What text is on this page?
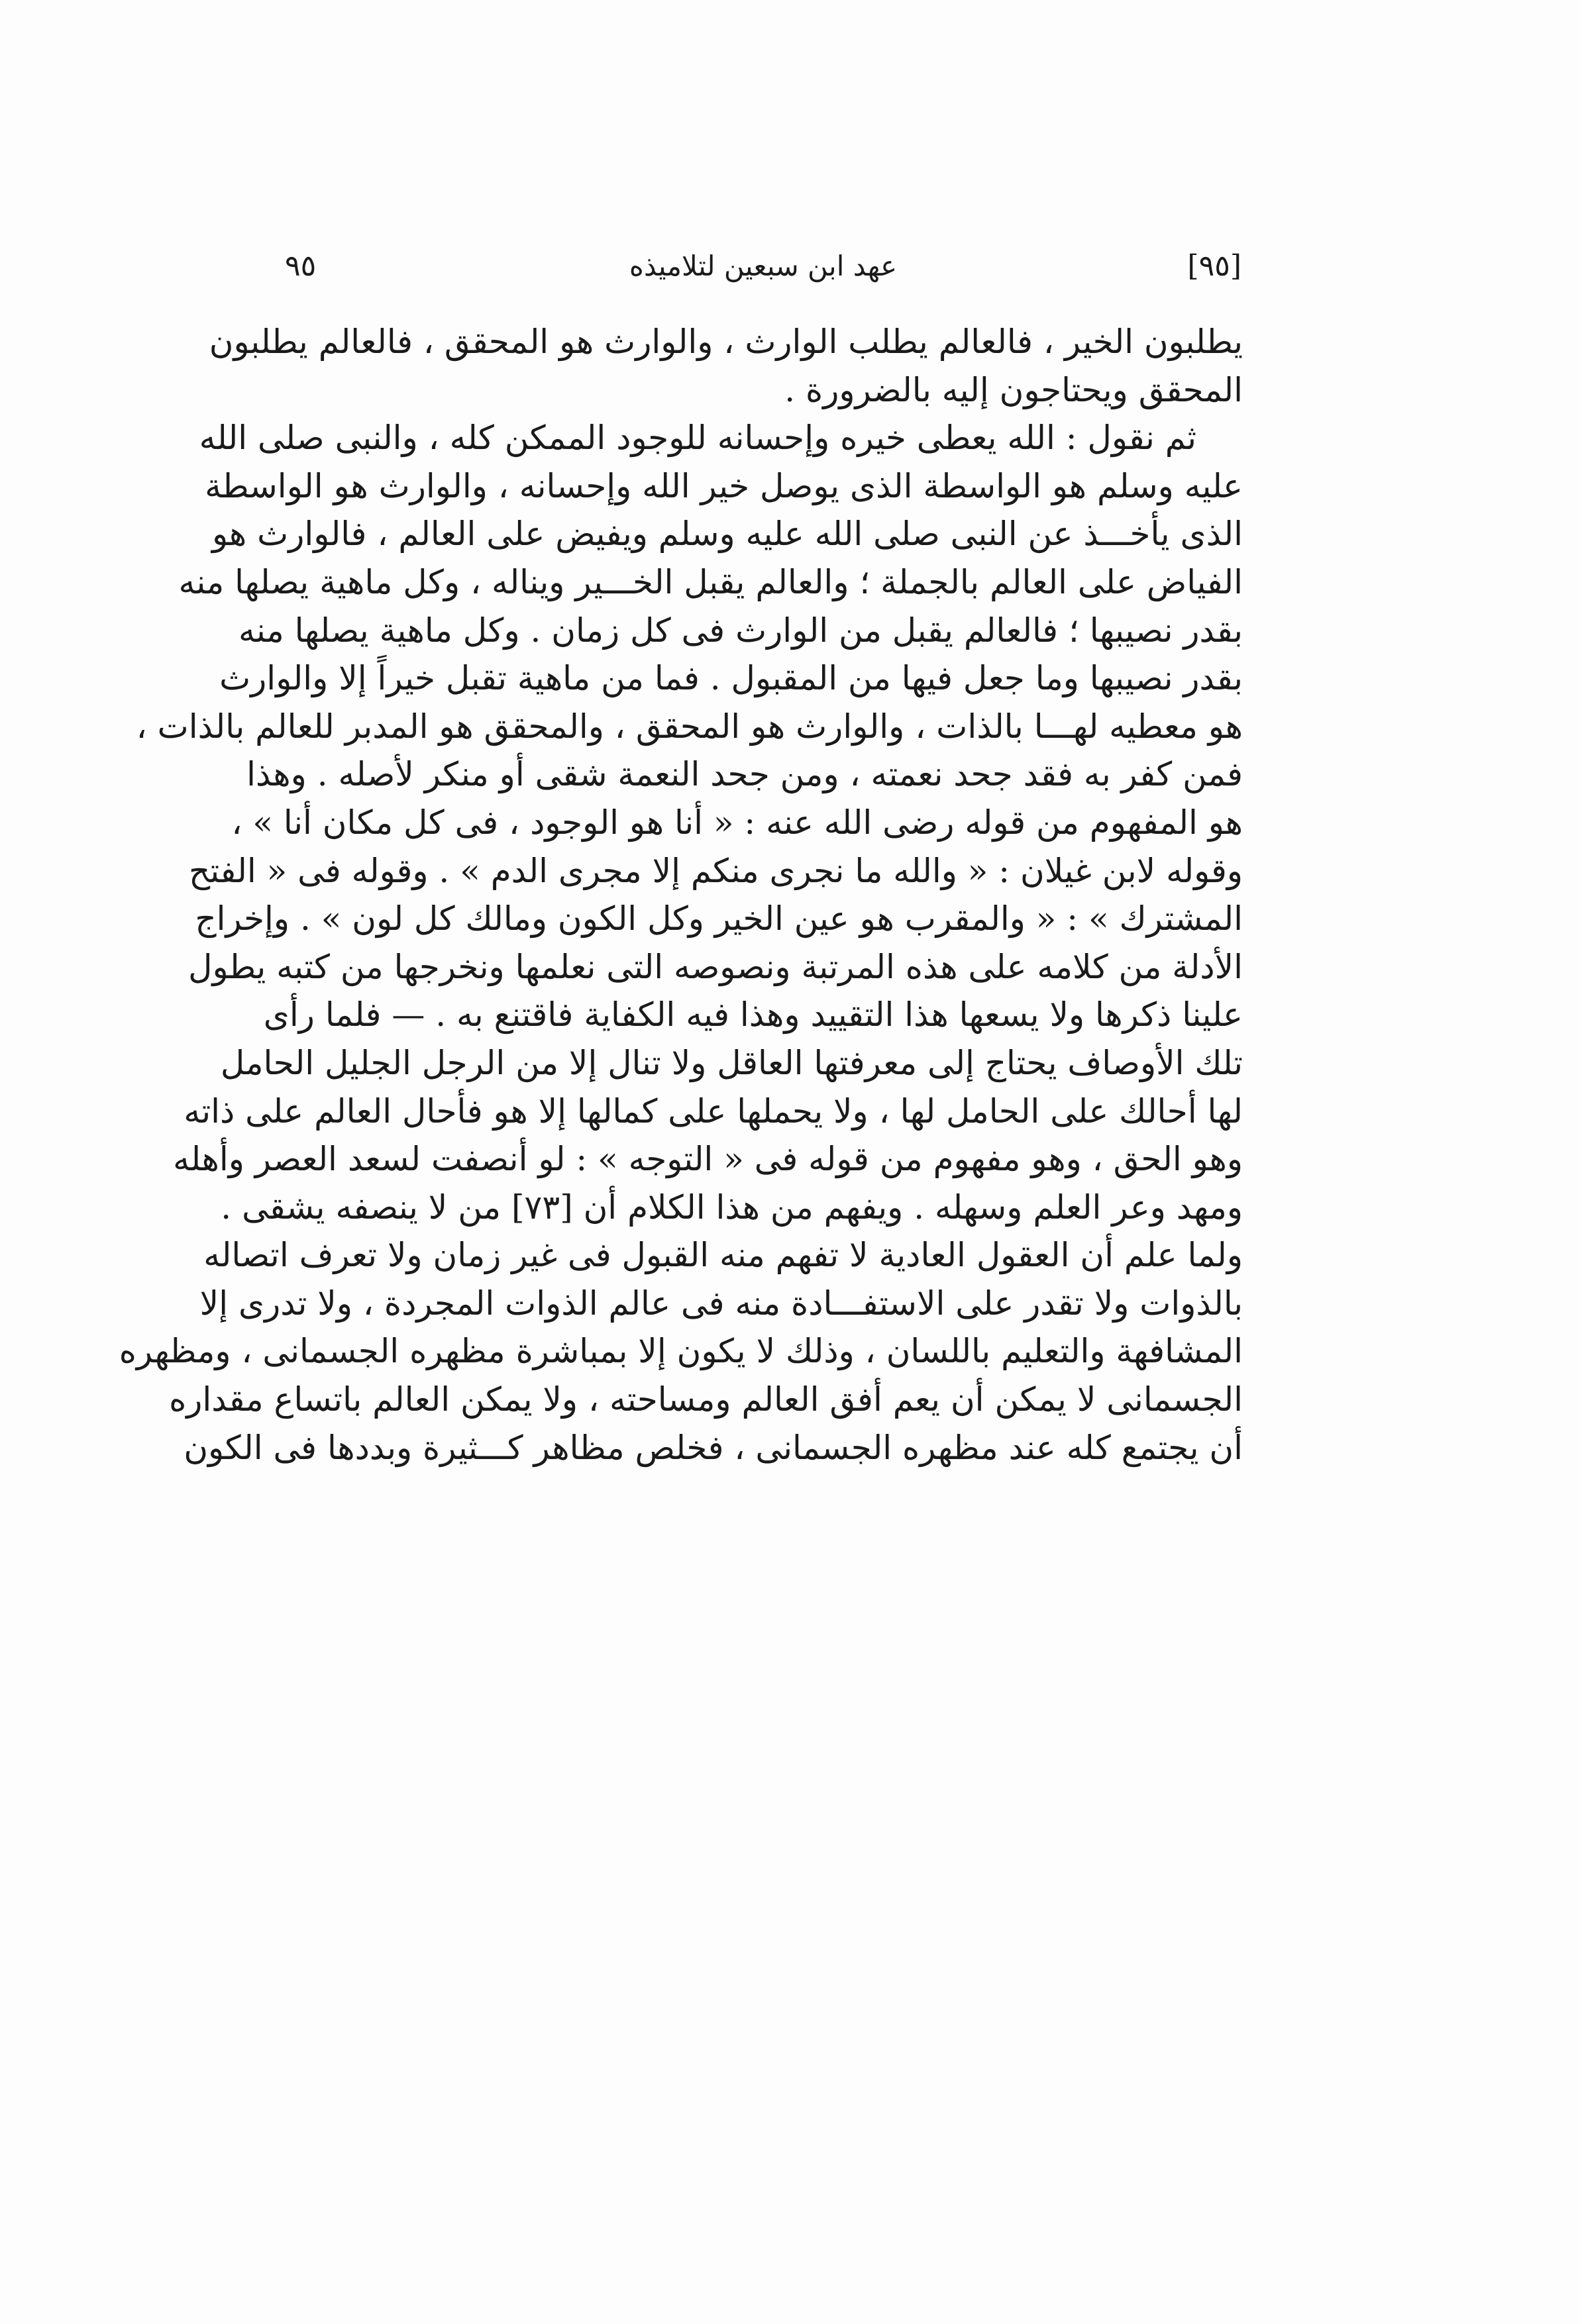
[٩٥]
عهد ابن سبعين لتلاميذه
٩٥
يطلبون الخير ، فالعالم يطلب الوارث ، والوارث هو المحقق ، فالعالم يطلبون
المحقق ويحتاجون إليه بالضرورة .
ثم نقول : الله يعطى خيره وإحسانه للوجود الممكن كله ، والنبى صلى الله
عليه وسلم هو الواسطة الذى يوصل خير الله وإحسانه ، والوارث هو الواسطة
الذى يأخـــذ عن النبى صلى الله عليه وسلم ويفيض على العالم ، فالوارث هو
الفياض على العالم بالجملة ؛ والعالم يقبل الخـــير ويناله ، وكل ماهية يصلها منه
بقدر نصيبها ؛ فالعالم يقبل من الوارث فى كل زمان . وكل ماهية يصلها منه
بقدر نصيبها وما جعل فيها من المقبول . فما من ماهية تقبل خيراً إلا والوارث
هو معطيه لهـــا بالذات ، والوارث هو المحقق ، والمحقق هو المدبر للعالم بالذات ،
فمن كفر به فقد جحد نعمته ، ومن جحد النعمة شقى أو منكر لأصله . وهذا
هو المفهوم من قوله رضى الله عنه : « أنا هو الوجود ، فى كل مكان أنا » ،
وقوله لابن غيلان : « والله ما نجرى منكم إلا مجرى الدم » . وقوله فى « الفتح
المشترك » : « والمقرب هو عين الخير وكل الكون ومالك كل لون » . وإخراج
الأدلة من كلامه على هذه المرتبة ونصوصه التى نعلمها ونخرجها من كتبه يطول
علينا ذكرها ولا يسعها هذا التقييد وهذا فيه الكفاية فاقتنع به . — فلما رأى
تلك الأوصاف يحتاج إلى معرفتها العاقل ولا تنال إلا من الرجل الجليل الحامل
لها أحالك على الحامل لها ، ولا يحملها على كمالها إلا هو فأحال العالم على ذاته
وهو الحق ، وهو مفهوم من قوله فى « التوجه » : لو أنصفت لسعد العصر وأهله
ومهد وعر العلم وسهله . ويفهم من هذا الكلام أن [٧٣] من لا ينصفه يشقى .
ولما علم أن العقول العادية لا تفهم منه القبول فى غير زمان ولا تعرف اتصاله
بالذوات ولا تقدر على الاستفـــادة منه فى عالم الذوات المجردة ، ولا تدرى إلا
المشافهة والتعليم باللسان ، وذلك لا يكون إلا بمباشرة مظهره الجسمانى ، ومظهره
الجسمانى لا يمكن أن يعم أفق العالم ومساحته ، ولا يمكن العالم باتساع مقداره
أن يجتمع كله عند مظهره الجسمانى ، فخلص مظاهر كـــثيرة وبددها فى الكون
